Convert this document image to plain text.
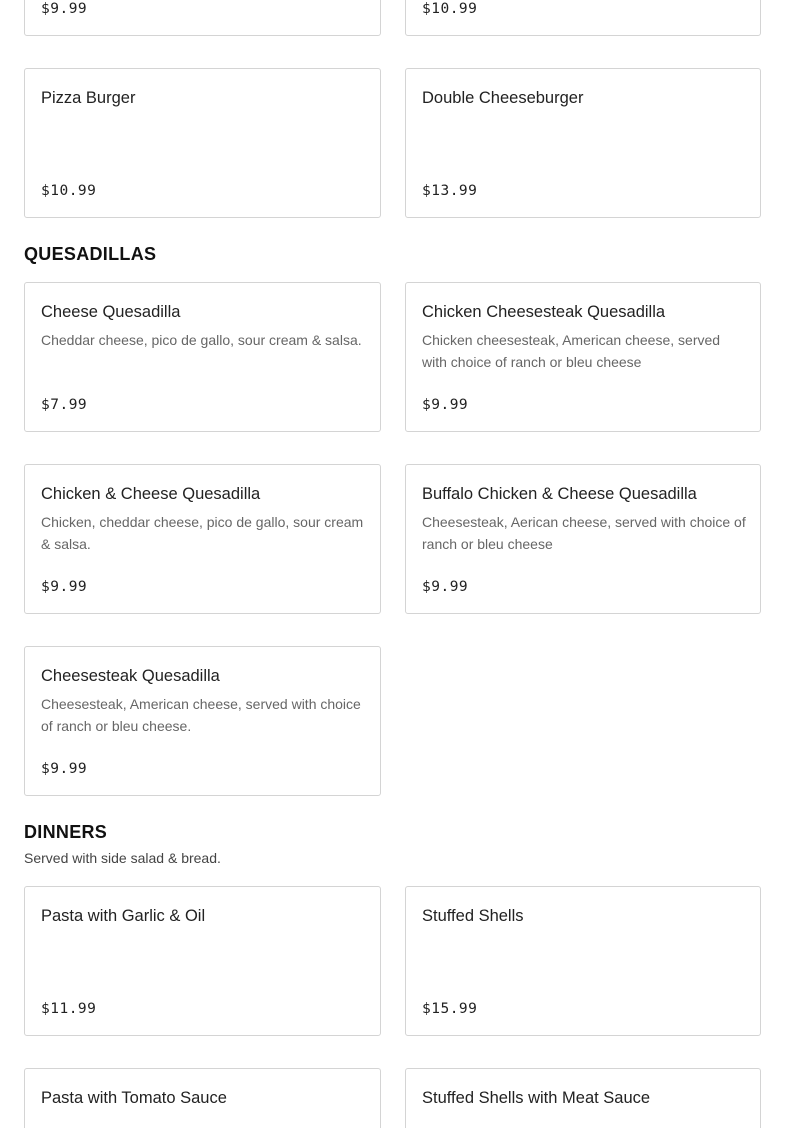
$9.99	$10.99
Pizza Burger
$10.99
Double Cheeseburger
$13.99
QUESADILLAS
Cheese Quesadilla
Cheddar cheese, pico de gallo, sour cream & salsa.
$7.99
Chicken Cheesesteak Quesadilla
Chicken cheesesteak, American cheese, served with choice of ranch or bleu cheese
$9.99
Chicken & Cheese Quesadilla
Chicken, cheddar cheese, pico de gallo, sour cream & salsa.
$9.99
Buffalo Chicken & Cheese Quesadilla
Cheesesteak, Aerican cheese, served with choice of ranch or bleu cheese
$9.99
Cheesesteak Quesadilla
Cheesesteak, American cheese, served with choice of ranch or bleu cheese.
$9.99
DINNERS
Served with side salad & bread.
Pasta with Garlic & Oil
$11.99
Stuffed Shells
$15.99
Pasta with Tomato Sauce	Stuffed Shells with Meat Sauce
